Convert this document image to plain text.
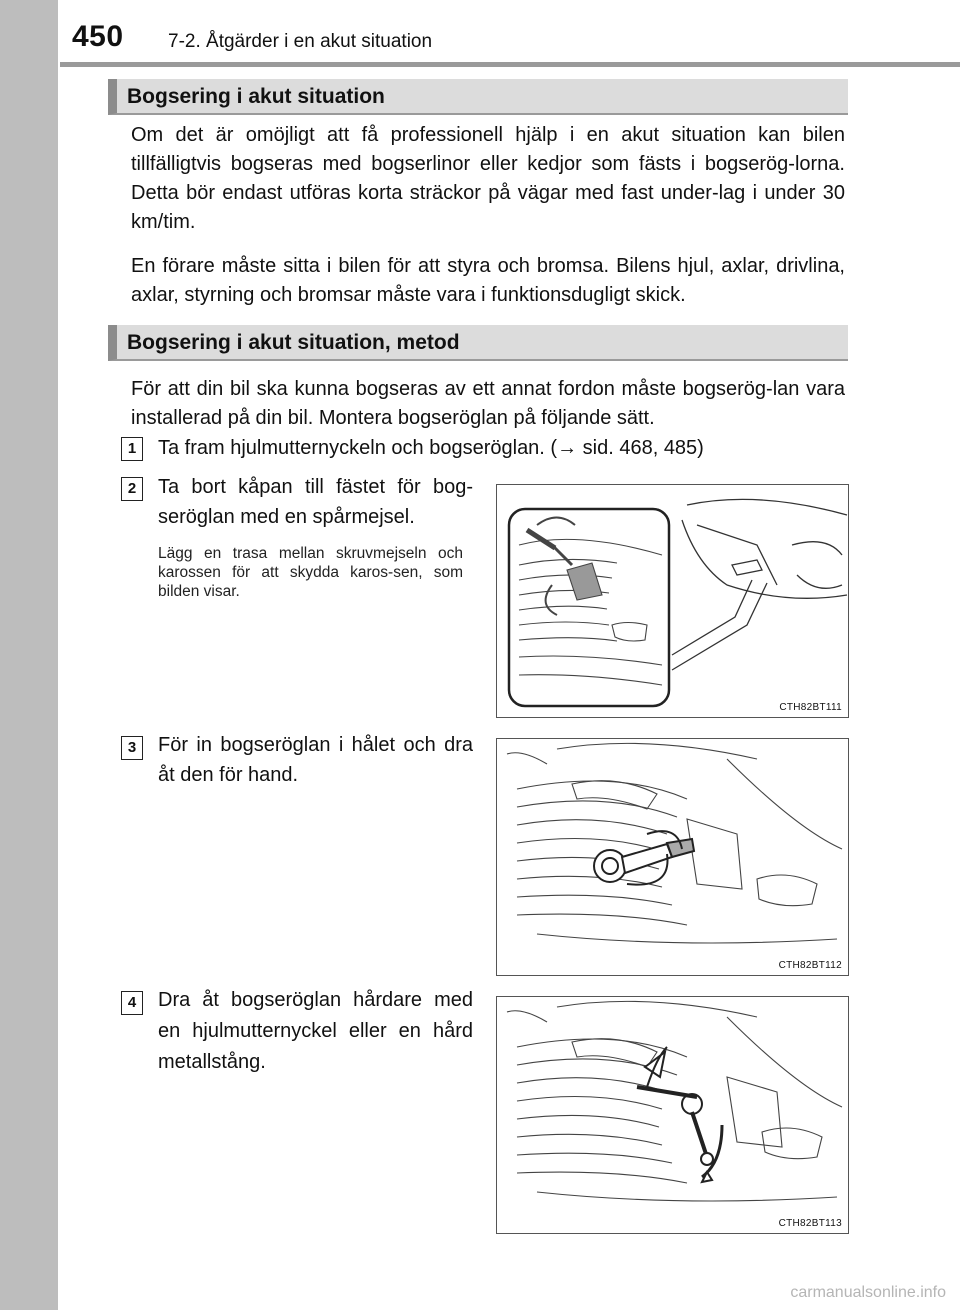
450 7-2. Åtgärder i en akut situation
Bogsering i akut situation
Om det är omöjligt att få professionell hjälp i en akut situation kan bilen tillfälligtvis bogseras med bogserlinor eller kedjor som fästs i bogserög-lorna. Detta bör endast utföras korta sträckor på vägar med fast under-lag i under 30 km/tim.
En förare måste sitta i bilen för att styra och bromsa. Bilens hjul, axlar, drivlina, axlar, styrning och bromsar måste vara i funktionsdugligt skick.
Bogsering i akut situation, metod
För att din bil ska kunna bogseras av ett annat fordon måste bogserög-lan vara installerad på din bil. Montera bogseröglan på följande sätt.
1	Ta fram hjulmutternyckeln och bogseröglan. (→ sid. 468, 485)
2	Ta bort kåpan till fästet för bog-seröglan med en spårmejsel.
Lägg en trasa mellan skruvmejseln och karossen för att skydda karos-sen, som bilden visar.
CTH82BT111
3	För in bogseröglan i hålet och dra åt den för hand.
CTH82BT112
4	Dra åt bogseröglan hårdare med en hjulmutternyckel eller en hård metallstång.
CTH82BT113
carmanualsonline.info
